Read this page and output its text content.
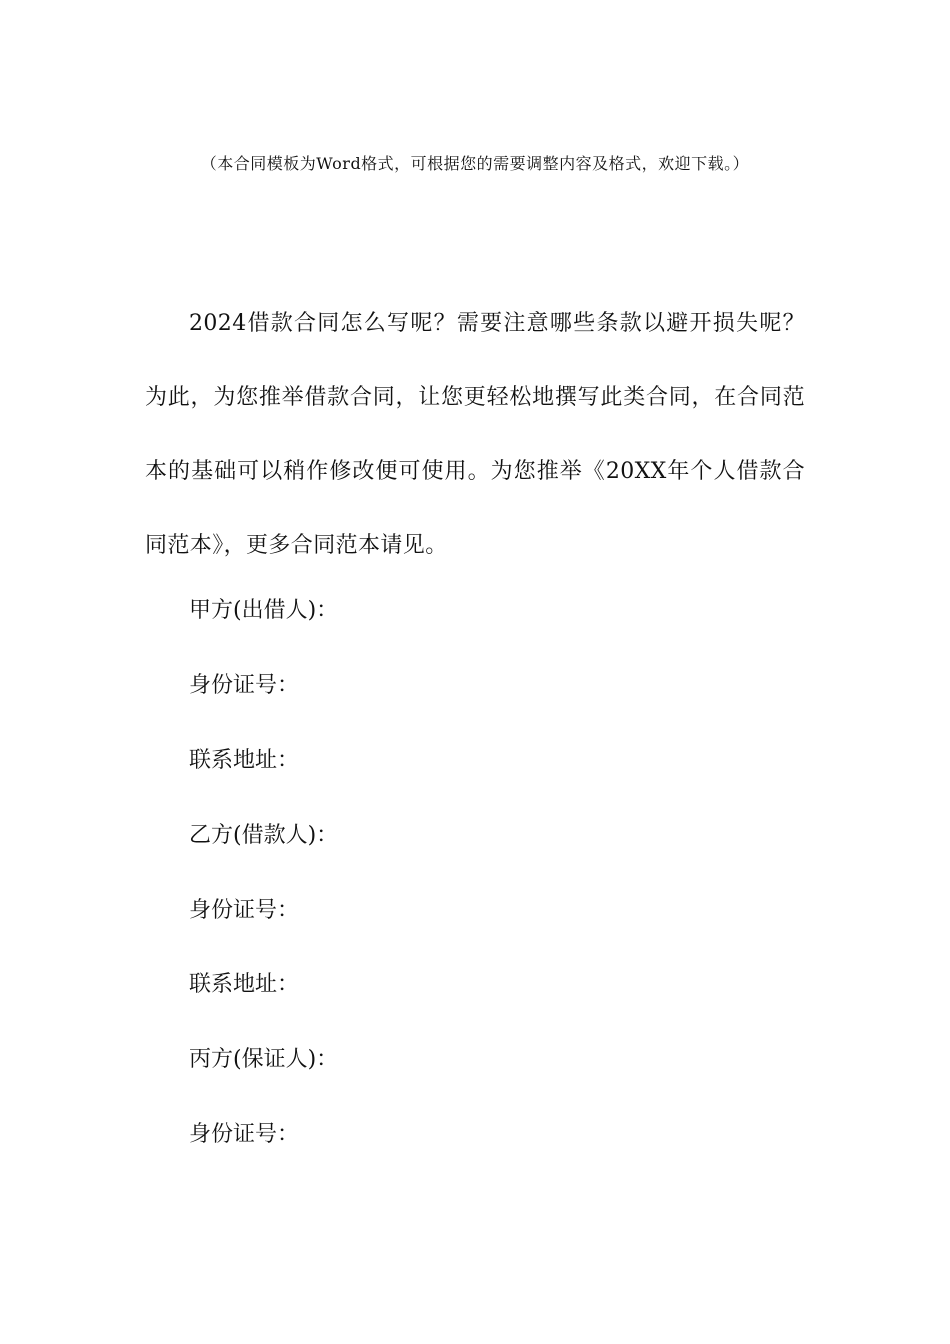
（本合同模板为Word格式，可根据您的需要调整内容及格式，欢迎下载。）

2024借款合同怎么写呢？需要注意哪些条款以避开损失呢？为此，为您推举借款合同，让您更轻松地撰写此类合同，在合同范本的基础可以稍作修改便可使用。为您推举《20XX年个人借款合同范本》，更多合同范本请见。

甲方(出借人)：

身份证号：

联系地址：

乙方(借款人)：

身份证号：

联系地址：

丙方(保证人)：

身份证号：
